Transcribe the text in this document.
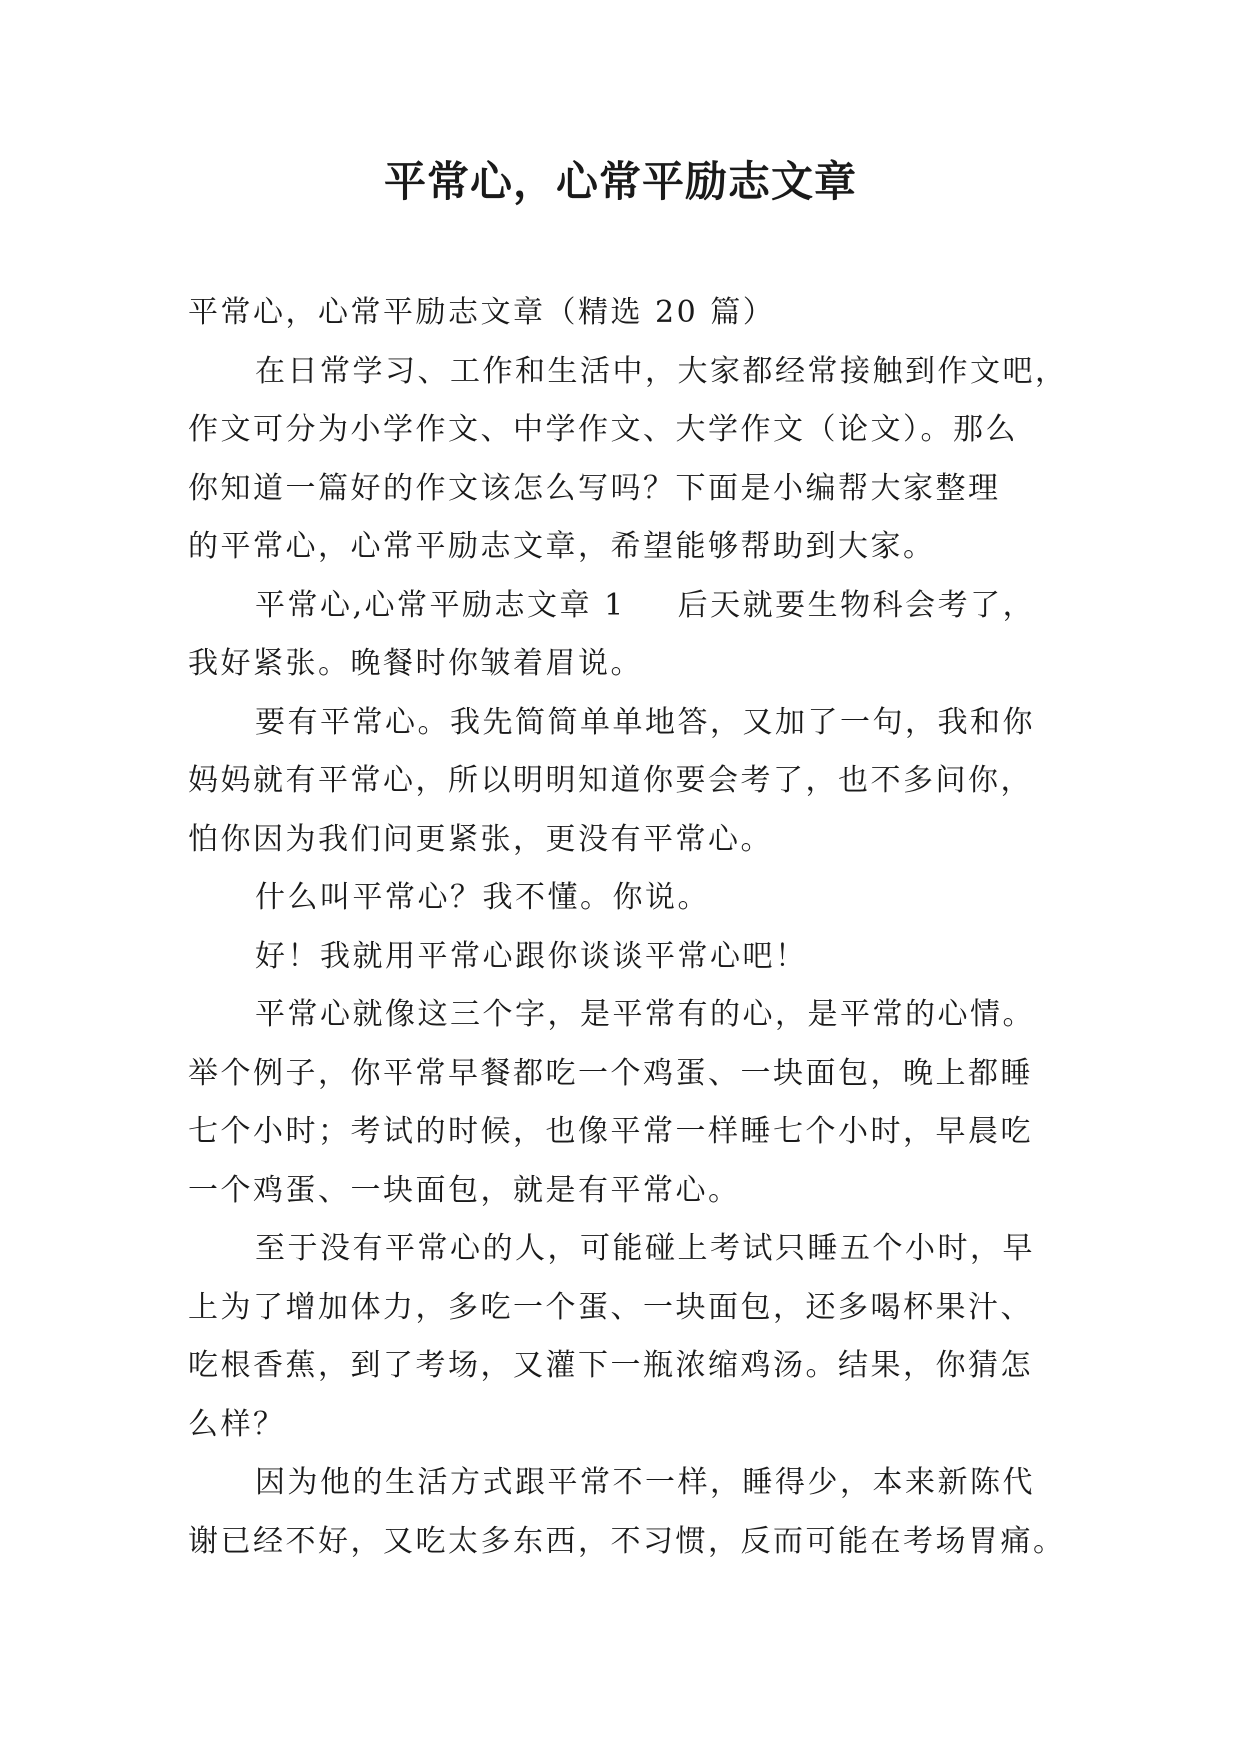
平常心，心常平励志文章
平常心，心常平励志文章（精选 20 篇）
在日常学习、工作和生活中，大家都经常接触到作文吧，
作文可分为小学作文、中学作文、大学作文（论文）。那么
你知道一篇好的作文该怎么写吗？下面是小编帮大家整理
的平常心，心常平励志文章，希望能够帮助到大家。
平常心,心常平励志文章 1 后天就要生物科会考了，
我好紧张。晚餐时你皱着眉说。
要有平常心。我先简简单单地答，又加了一句，我和你
妈妈就有平常心，所以明明知道你要会考了，也不多问你，
怕你因为我们问更紧张，更没有平常心。
什么叫平常心？我不懂。你说。
好！我就用平常心跟你谈谈平常心吧！
平常心就像这三个字，是平常有的心，是平常的心情。
举个例子，你平常早餐都吃一个鸡蛋、一块面包，晚上都睡
七个小时；考试的时候，也像平常一样睡七个小时，早晨吃
一个鸡蛋、一块面包，就是有平常心。
至于没有平常心的人，可能碰上考试只睡五个小时，早
上为了增加体力，多吃一个蛋、一块面包，还多喝杯果汁、
吃根香蕉，到了考场，又灌下一瓶浓缩鸡汤。结果，你猜怎
么样？
因为他的生活方式跟平常不一样，睡得少，本来新陈代
谢已经不好，又吃太多东西，不习惯，反而可能在考场胃痛。
